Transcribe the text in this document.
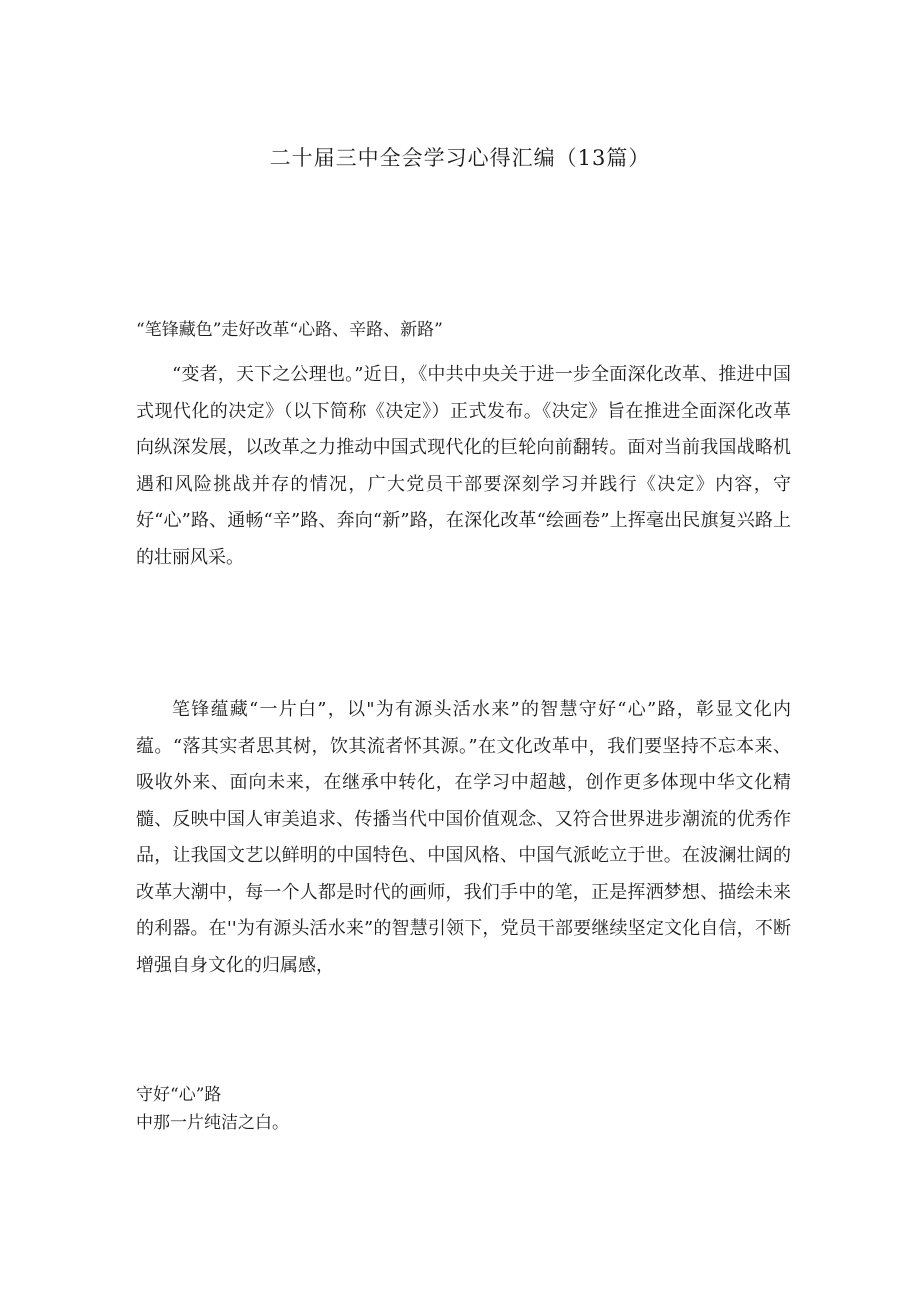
二十届三中全会学习心得汇编（13篇）
“笔锋藏色”走好改革“心路、辛路、新路”

“变者，天下之公理也。”近日，《中共中央关于进一步全面深化改革、推进中国式现代化的决定》（以下简称《决定》）正式发布。《决定》旨在推进全面深化改革向纵深发展，以改革之力推动中国式现代化的巨轮向前翻转。面对当前我国战略机遇和风险挑战并存的情况，广大党员干部要深刻学习并践行《决定》内容，守好“心”路、通畅“辛”路、奔向“新”路，在深化改革“绘画卷”上挥毫出民旗复兴路上的壮丽风采。

笔锋蕴藏“一片白”，以"为有源头活水来”的智慧守好“心”路，彰显文化内蕴。“落其实者思其树，饮其流者怀其源。”在文化改革中，我们要坚持不忘本来、吸收外来、面向未来，在继承中转化，在学习中超越，创作更多体现中华文化精髓、反映中国人审美追求、传播当代中国价值观念、又符合世界进步潮流的优秀作品，让我国文艺以鲜明的中国特色、中国风格、中国气派屹立于世。在波澜壮阔的改革大潮中，每一个人都是时代的画师，我们手中的笔，正是挥洒梦想、描绘未来的利器。在''为有源头活水来”的智慧引领下，党员干部要继续坚定文化自信，不断增强自身文化的归属感，

守好“心”路

中那一片纯洁之白。
